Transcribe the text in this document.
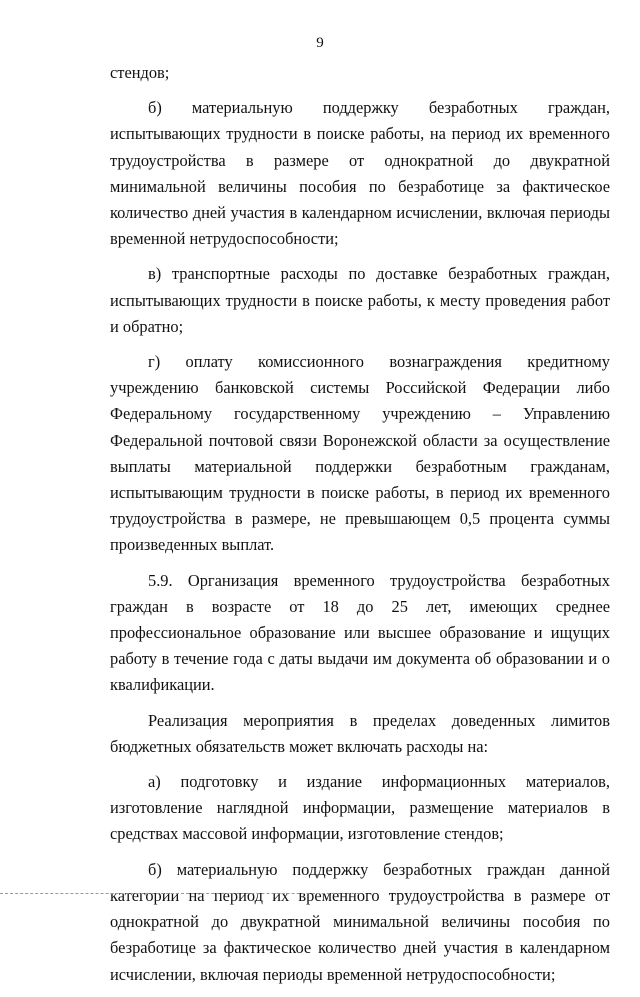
9

стендов;

б) материальную поддержку безработных граждан, испытывающих трудности в поиске работы, на период их временного трудоустройства в размере от однократной до двукратной минимальной величины пособия по безработице за фактическое количество дней участия в календарном исчислении, включая периоды временной нетрудоспособности;

в) транспортные расходы по доставке безработных граждан, испытывающих трудности в поиске работы, к месту проведения работ и обратно;

г) оплату комиссионного вознаграждения кредитному учреждению банковской системы Российской Федерации либо Федеральному государственному учреждению – Управлению Федеральной почтовой связи Воронежской области за осуществление выплаты материальной поддержки безработным гражданам, испытывающим трудности в поиске работы, в период их временного трудоустройства в размере, не превышающем 0,5 процента суммы произведенных выплат.

5.9. Организация временного трудоустройства безработных граждан в возрасте от 18 до 25 лет, имеющих среднее профессиональное образование или высшее образование и ищущих работу в течение года с даты выдачи им документа об образовании и о квалификации.

Реализация мероприятия в пределах доведенных лимитов бюджетных обязательств может включать расходы на:

а) подготовку и издание информационных материалов, изготовление наглядной информации, размещение материалов в средствах массовой информации, изготовление стендов;

б) материальную поддержку безработных граждан данной категории на период их временного трудоустройства в размере от однократной до двукратной минимальной величины пособия по безработице за фактическое количество дней участия в календарном исчислении, включая периоды временной нетрудоспособности;
